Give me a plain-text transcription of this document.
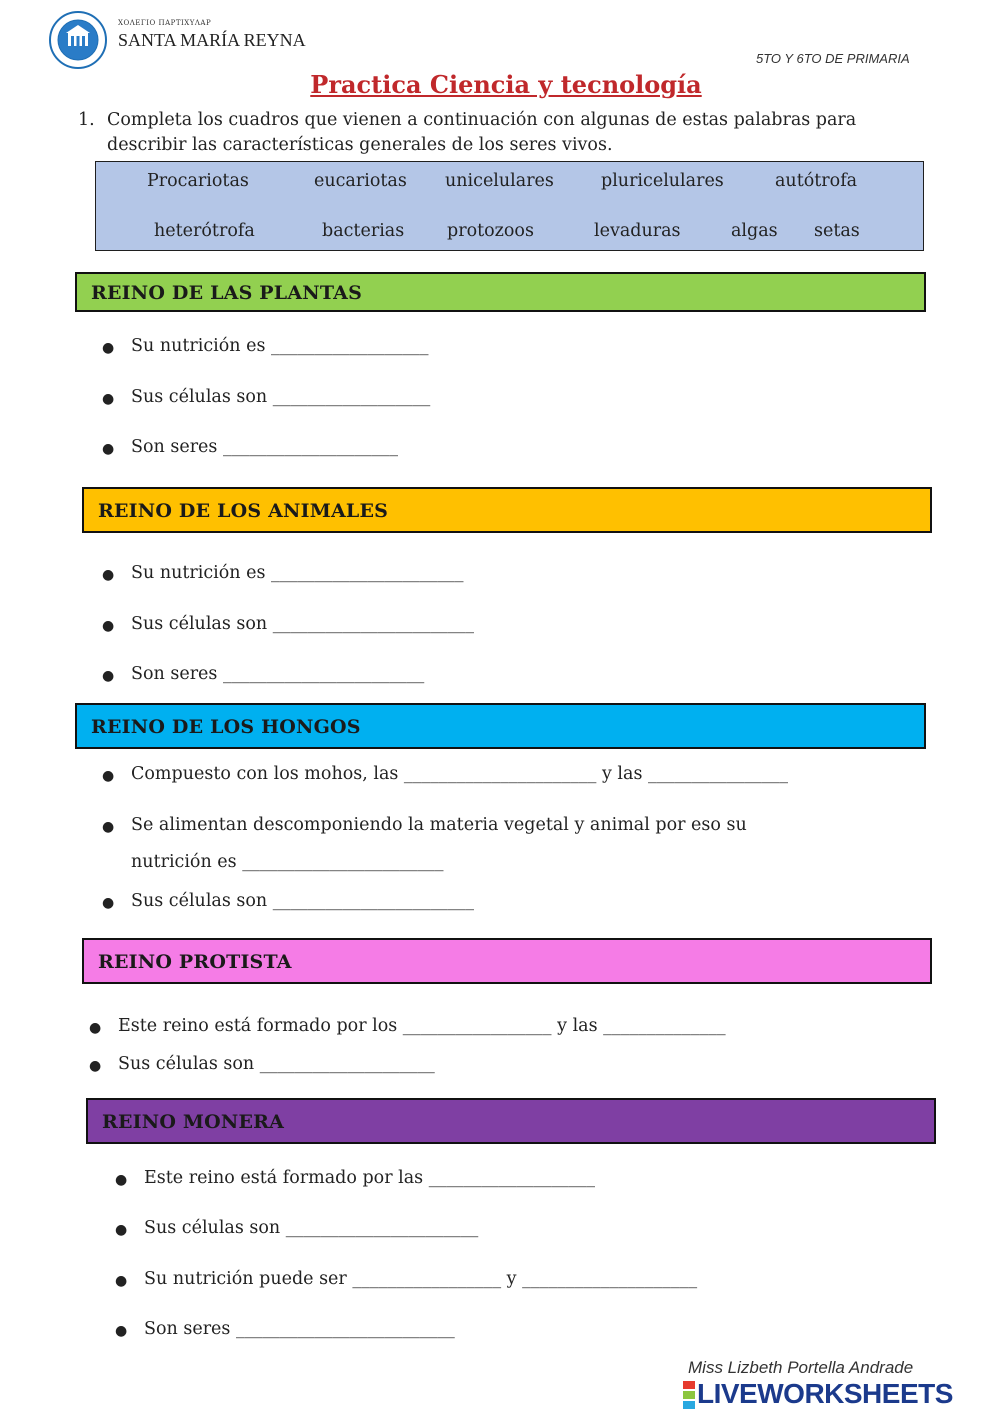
ΧΟΛΕΓΙΟ ΠΑΡΤΙΧΥΛΑΡ
SANTA MARÍA REYNA
5TO Y 6TO DE PRIMARIA
Practica Ciencia y tecnología
1. Completa los cuadros que vienen a continuación con algunas de estas palabras para describir las características generales de los seres vivos.
Procariotas	eucariotas unicelulares	pluricelulares	autótrofa
heterótrofa	bacterias protozoos	levaduras	algas setas
REINO DE LAS PLANTAS
● Su nutrición es __________________
● Sus células son __________________
● Son seres ____________________
REINO DE LOS ANIMALES
● Su nutrición es ______________________
● Sus células son _______________________
● Son seres _______________________
REINO DE LOS HONGOS
● Compuesto con los mohos, las ______________________ y las ________________
● Se alimentan descomponiendo la materia vegetal y animal por eso su
nutrición es _______________________
● Sus células son _______________________
REINO PROTISTA
● Este reino está formado por los _________________ y las ______________
● Sus células son ____________________
REINO MONERA
● Este reino está formado por las ___________________
● Sus células son ______________________
● Su nutrición puede ser _________________ y ____________________
● Son seres _________________________
Miss Lizbeth Portella Andrade
LIVEWORKSHEETS
